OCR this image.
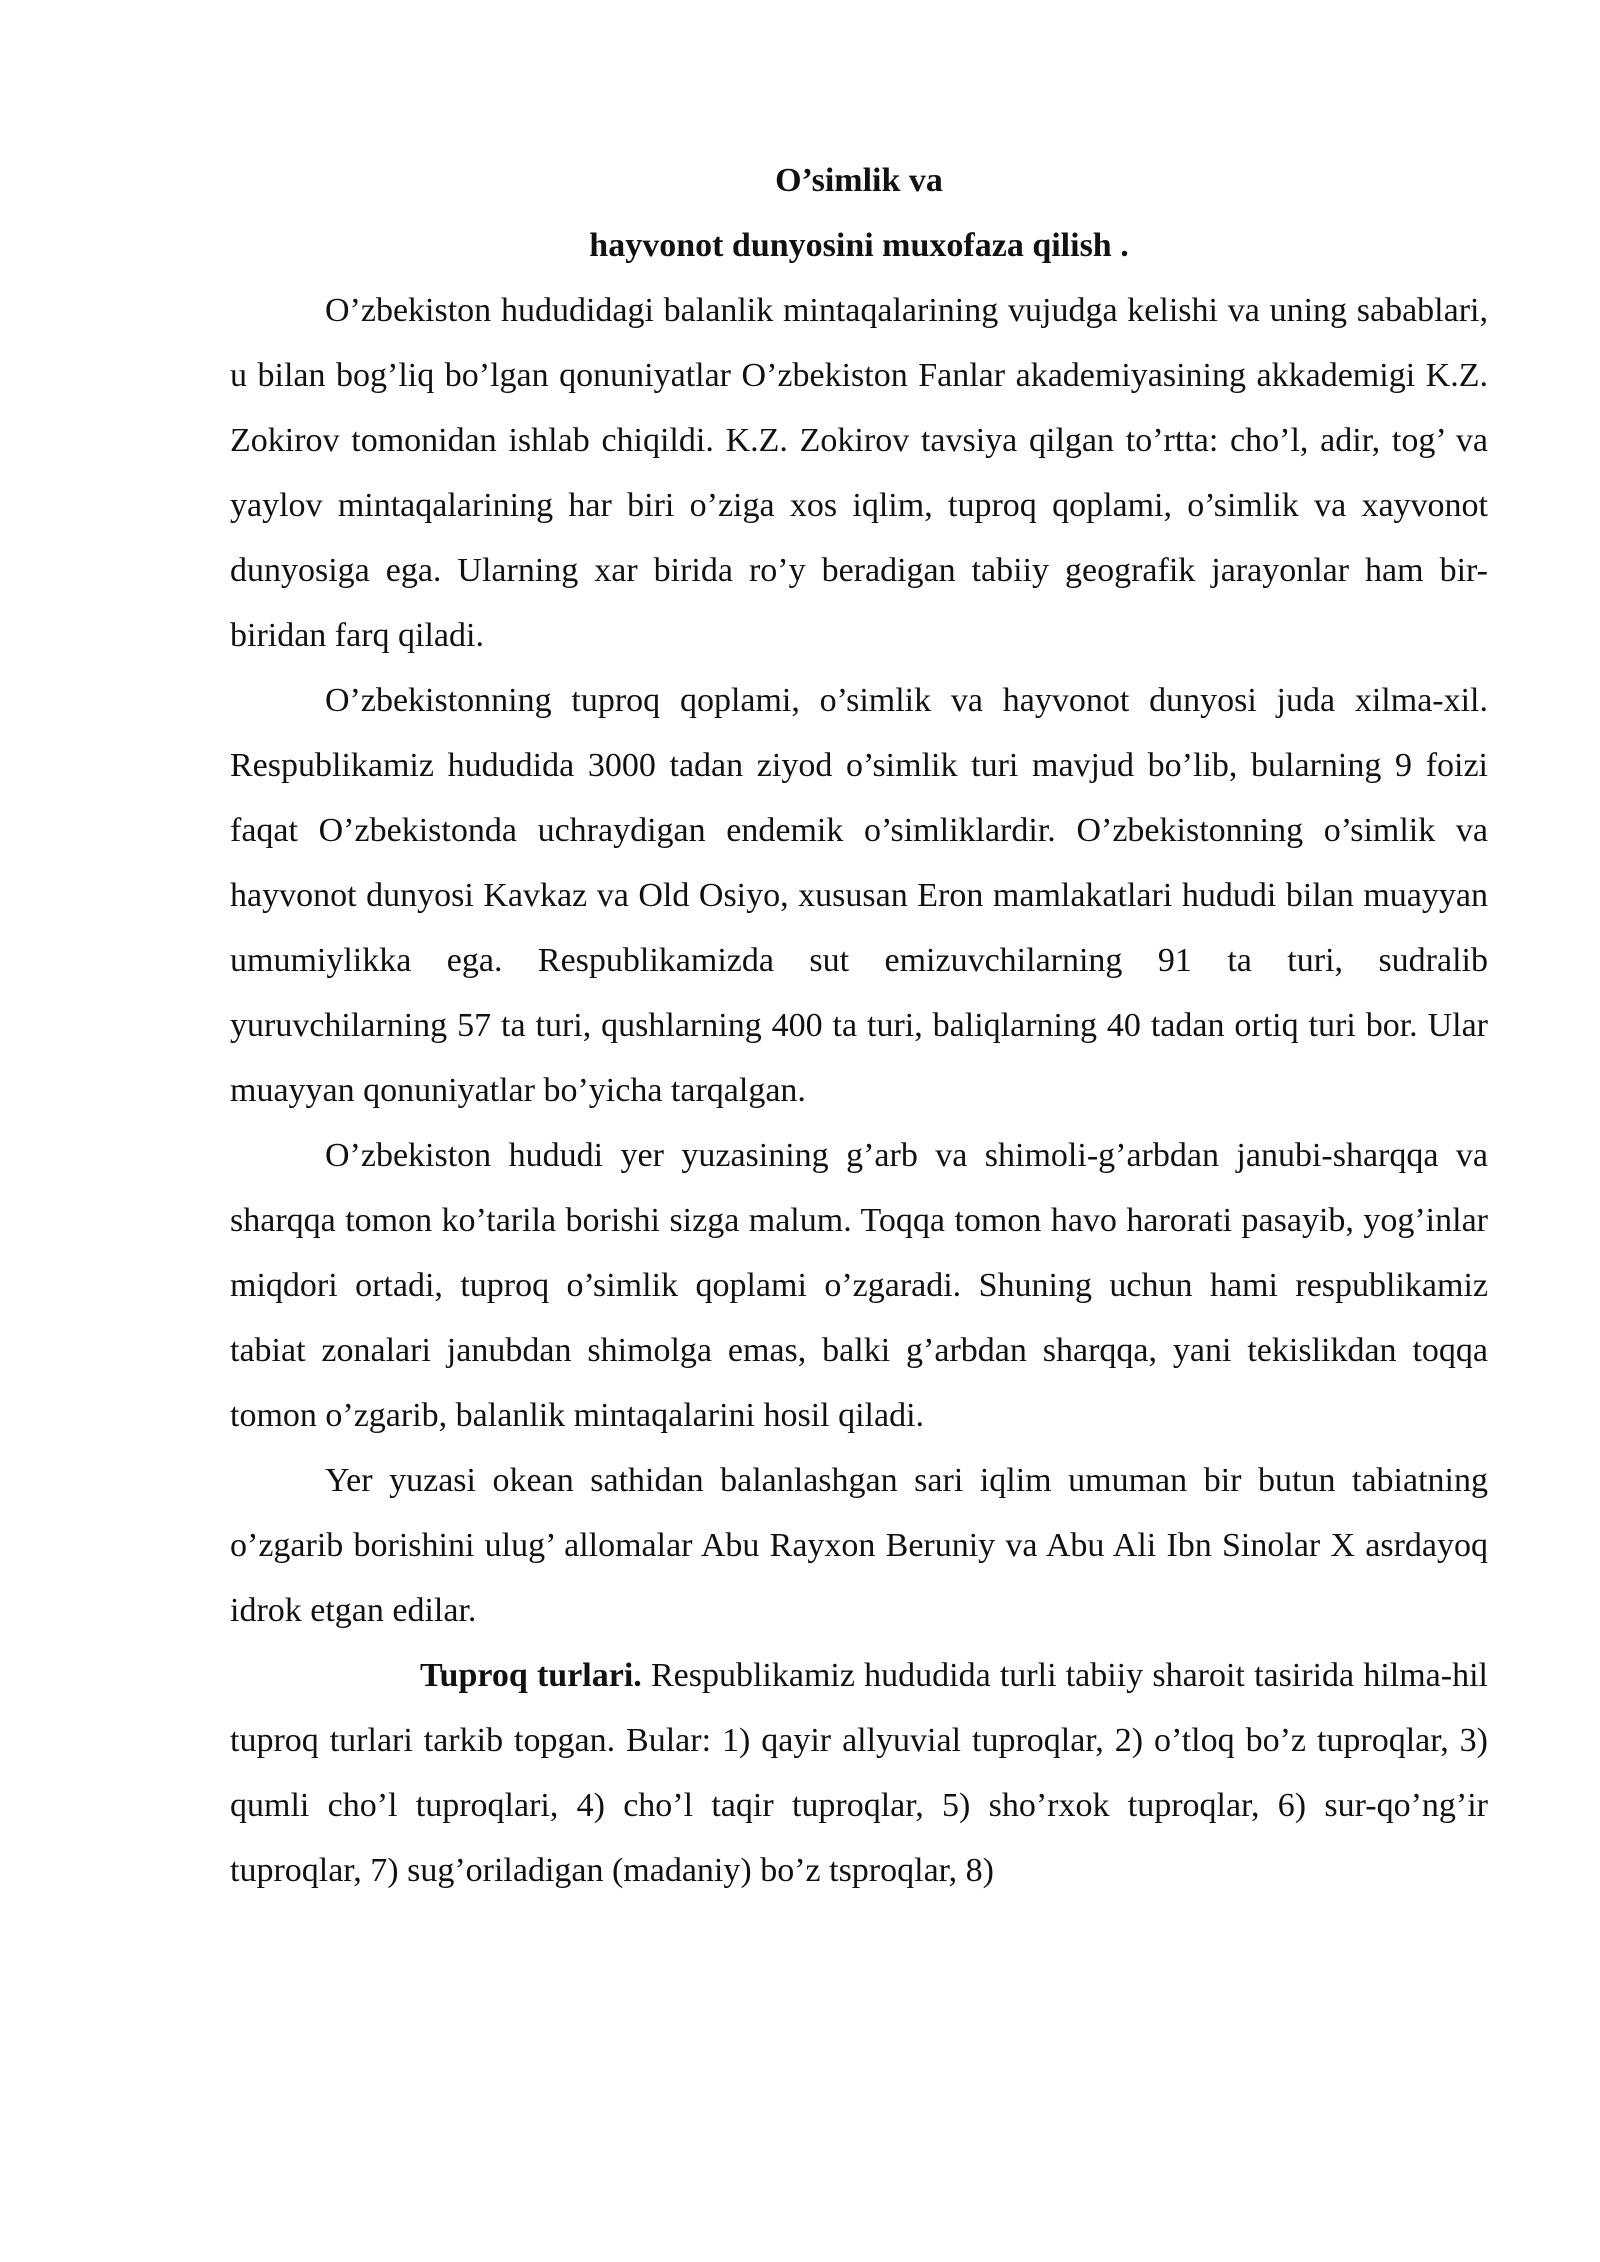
O’simlik va

hayvonot dunyosini muxofaza qilish .

O’zbekiston hududidagi balanlik mintaqalarining vujudga kelishi va uning sabablari, u bilan bog’liq bo’lgan qonuniyatlar O’zbekiston Fanlar akademiyasining akkademigi K.Z. Zokirov tomonidan ishlab chiqildi. K.Z. Zokirov tavsiya qilgan to’rtta: cho’l, adir, tog’ va yaylov mintaqalarining har biri o’ziga xos iqlim, tuproq qoplami, o’simlik va xayvonot dunyosiga ega. Ularning xar birida ro’y beradigan tabiiy geografik jarayonlar ham bir-biridan farq qiladi.

O’zbekistonning tuproq qoplami, o’simlik va hayvonot dunyosi juda xilma-xil. Respublikamiz hududida 3000 tadan ziyod o’simlik turi mavjud bo’lib, bularning 9 foizi faqat O’zbekistonda uchraydigan endemik o’simliklardir. O’zbekistonning o’simlik va hayvonot dunyosi Kavkaz va Old Osiyo, xususan Eron mamlakatlari hududi bilan muayyan umumiylikka ega. Respublikamizda sut emizuvchilarning 91 ta turi, sudralib yuruvchilarning 57 ta turi, qushlarning 400 ta turi, baliqlarning 40 tadan ortiq turi bor. Ular muayyan qonuniyatlar bo’yicha tarqalgan.

O’zbekiston hududi yer yuzasining g’arb va shimoli-g’arbdan janubi-sharqqa va sharqqa tomon ko’tarila borishi sizga malum. Toqqa tomon havo harorati pasayib, yog’inlar miqdori ortadi, tuproq o’simlik qoplami o’zgaradi. Shuning uchun hami respublikamiz tabiat zonalari janubdan shimolga emas, balki g’arbdan sharqqa, yani tekislikdan toqqa tomon o’zgarib, balanlik mintaqalarini hosil qiladi.

Yer yuzasi okean sathidan balanlashgan sari iqlim umuman bir butun tabiatning o’zgarib borishini ulug’ allomalar Abu Rayxon Beruniy va Abu Ali Ibn Sinolar X asrdayoq idrok etgan edilar.

Tuproq turlari. Respublikamiz hududida turli tabiiy sharoit tasirida hilma-hil tuproq turlari tarkib topgan. Bular: 1) qayir allyuvial tuproqlar, 2) o’tloq bo’z tuproqlar, 3) qumli cho’l tuproqlari, 4) cho’l taqir tuproqlar, 5) sho’rxok tuproqlar, 6) sur-qo’ng’ir tuproqlar, 7) sug’oriladigan (madaniy) bo’z tsproqlar, 8)
